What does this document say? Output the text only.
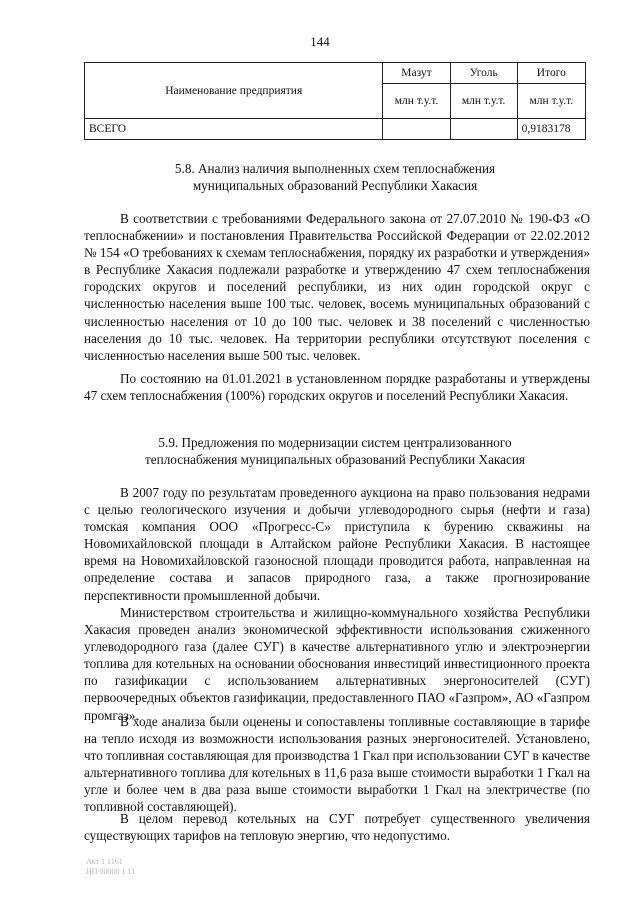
144
Наименование предприятия	Мазут	Уголь	Итого
	млн т.у.т.	млн т.у.т.	млн т.у.т.
ВСЕГО			0,9183178
5.8. Анализ наличия выполненных схем теплоснабжения
муниципальных образований Республики Хакасия

В соответствии с требованиями Федерального закона от 27.07.2010 № 190-ФЗ «О теплоснабжении» и постановления Правительства Российской Федерации от 22.02.2012 № 154 «О требованиях к схемам теплоснабжения, порядку их разработки и утверждения» в Республике Хакасия подлежали разработке и утверждению 47 схем теплоснабжения городских округов и поселений республики, из них один городской округ с численностью населения выше 100 тыс. человек, восемь муниципальных образований с численностью населения от 10 до 100 тыс. человек и 38 поселений с численностью населения до 10 тыс. человек. На территории республики отсутствуют поселения с численностью населения выше 500 тыс. человек.

По состоянию на 01.01.2021 в установленном порядке разработаны и утверждены 47 схем теплоснабжения (100%) городских округов и поселений Республики Хакасия.

5.9. Предложения по модернизации систем централизованного
теплоснабжения муниципальных образований Республики Хакасия

В 2007 году по результатам проведенного аукциона на право пользования недрами с целью геологического изучения и добычи углеводородного сырья (нефти и газа) томская компания ООО «Прогресс-С» приступила к бурению скважины на Новомихайловской площади в Алтайском районе Республики Хакасия. В настоящее время на Новомихайловской газоносной площади проводится работа, направленная на определение состава и запасов природного газа, а также прогнозирование перспективности промышленной добычи.

Министерством строительства и жилищно-коммунального хозяйства Республики Хакасия проведен анализ экономической эффективности использования сжиженного углеводородного газа (далее СУГ) в качестве альтернативного углю и электроэнергии топлива для котельных на основании обоснования инвестиций инвестиционного проекта по газификации с использованием альтернативных энергоносителей (СУГ) первоочередных объектов газификации, предоставленного ПАО «Газпром», АО «Газпром промгаз».

В ходе анализа были оценены и сопоставлены топливные составляющие в тарифе на тепло исходя из возможности использования разных энергоносителей. Установлено, что топливная составляющая для производства 1 Гкал при использовании СУГ в качестве альтернативного топлива для котельных в 11,6 раза выше стоимости выработки 1 Гкал на угле и более чем в два раза выше стоимости выработки 1 Гкал на электричестве (по топливной составляющей).

В целом перевод котельных на СУГ потребует существенного увеличения существующих тарифов на тепловую энергию, что недопустимо.

Акт 1 1161
НП 00000 1 11
